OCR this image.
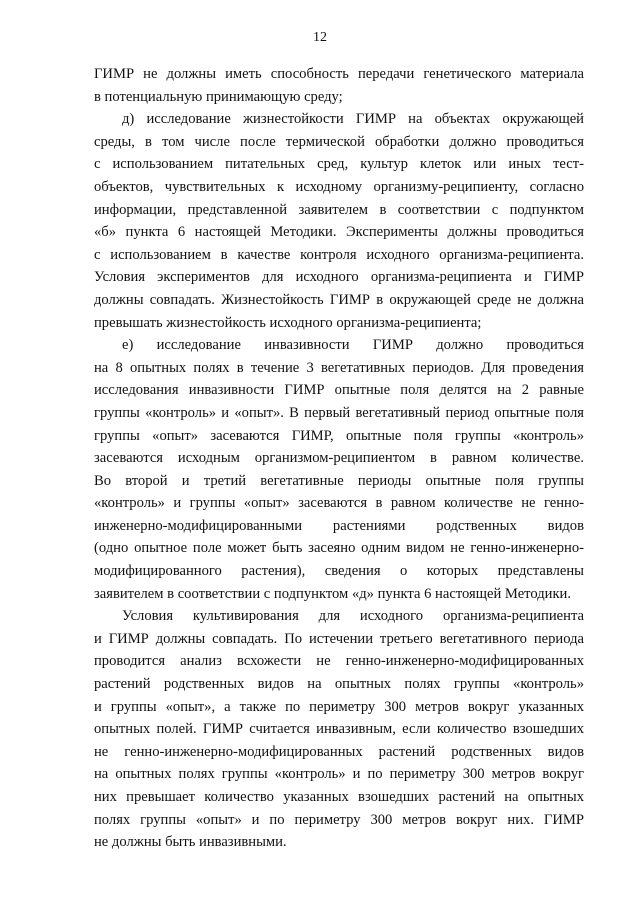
12
ГИМР не должны иметь способность передачи генетического материала
в потенциальную принимающую среду;
д) исследование жизнестойкости ГИМР на объектах окружающей
среды, в том числе после термической обработки должно проводиться
с использованием питательных сред, культур клеток или иных тест-
объектов, чувствительных к исходному организму-реципиенту, согласно
информации, представленной заявителем в соответствии с подпунктом
«б» пункта 6 настоящей Методики. Эксперименты должны проводиться
с использованием в качестве контроля исходного организма-реципиента.
Условия экспериментов для исходного организма-реципиента и ГИМР
должны совпадать. Жизнестойкость ГИМР в окружающей среде не должна
превышать жизнестойкость исходного организма-реципиента;
е) исследование инвазивности ГИМР должно проводиться
на 8 опытных полях в течение 3 вегетативных периодов. Для проведения
исследования инвазивности ГИМР опытные поля делятся на 2 равные
группы «контроль» и «опыт». В первый вегетативный период опытные поля
группы «опыт» засеваются ГИМР, опытные поля группы «контроль»
засеваются исходным организмом-реципиентом в равном количестве.
Во второй и третий вегетативные периоды опытные поля группы
«контроль» и группы «опыт» засеваются в равном количестве не генно-
инженерно-модифицированными растениями родственных видов
(одно опытное поле может быть засеяно одним видом не генно-инженерно-
модифицированного растения), сведения о которых представлены
заявителем в соответствии с подпунктом «д» пункта 6 настоящей Методики.
Условия культивирования для исходного организма-реципиента
и ГИМР должны совпадать. По истечении третьего вегетативного периода
проводится анализ всхожести не генно-инженерно-модифицированных
растений родственных видов на опытных полях группы «контроль»
и группы «опыт», а также по периметру 300 метров вокруг указанных
опытных полей. ГИМР считается инвазивным, если количество взошедших
не генно-инженерно-модифицированных растений родственных видов
на опытных полях группы «контроль» и по периметру 300 метров вокруг
них превышает количество указанных взошедших растений на опытных
полях группы «опыт» и по периметру 300 метров вокруг них. ГИМР
не должны быть инвазивными.
